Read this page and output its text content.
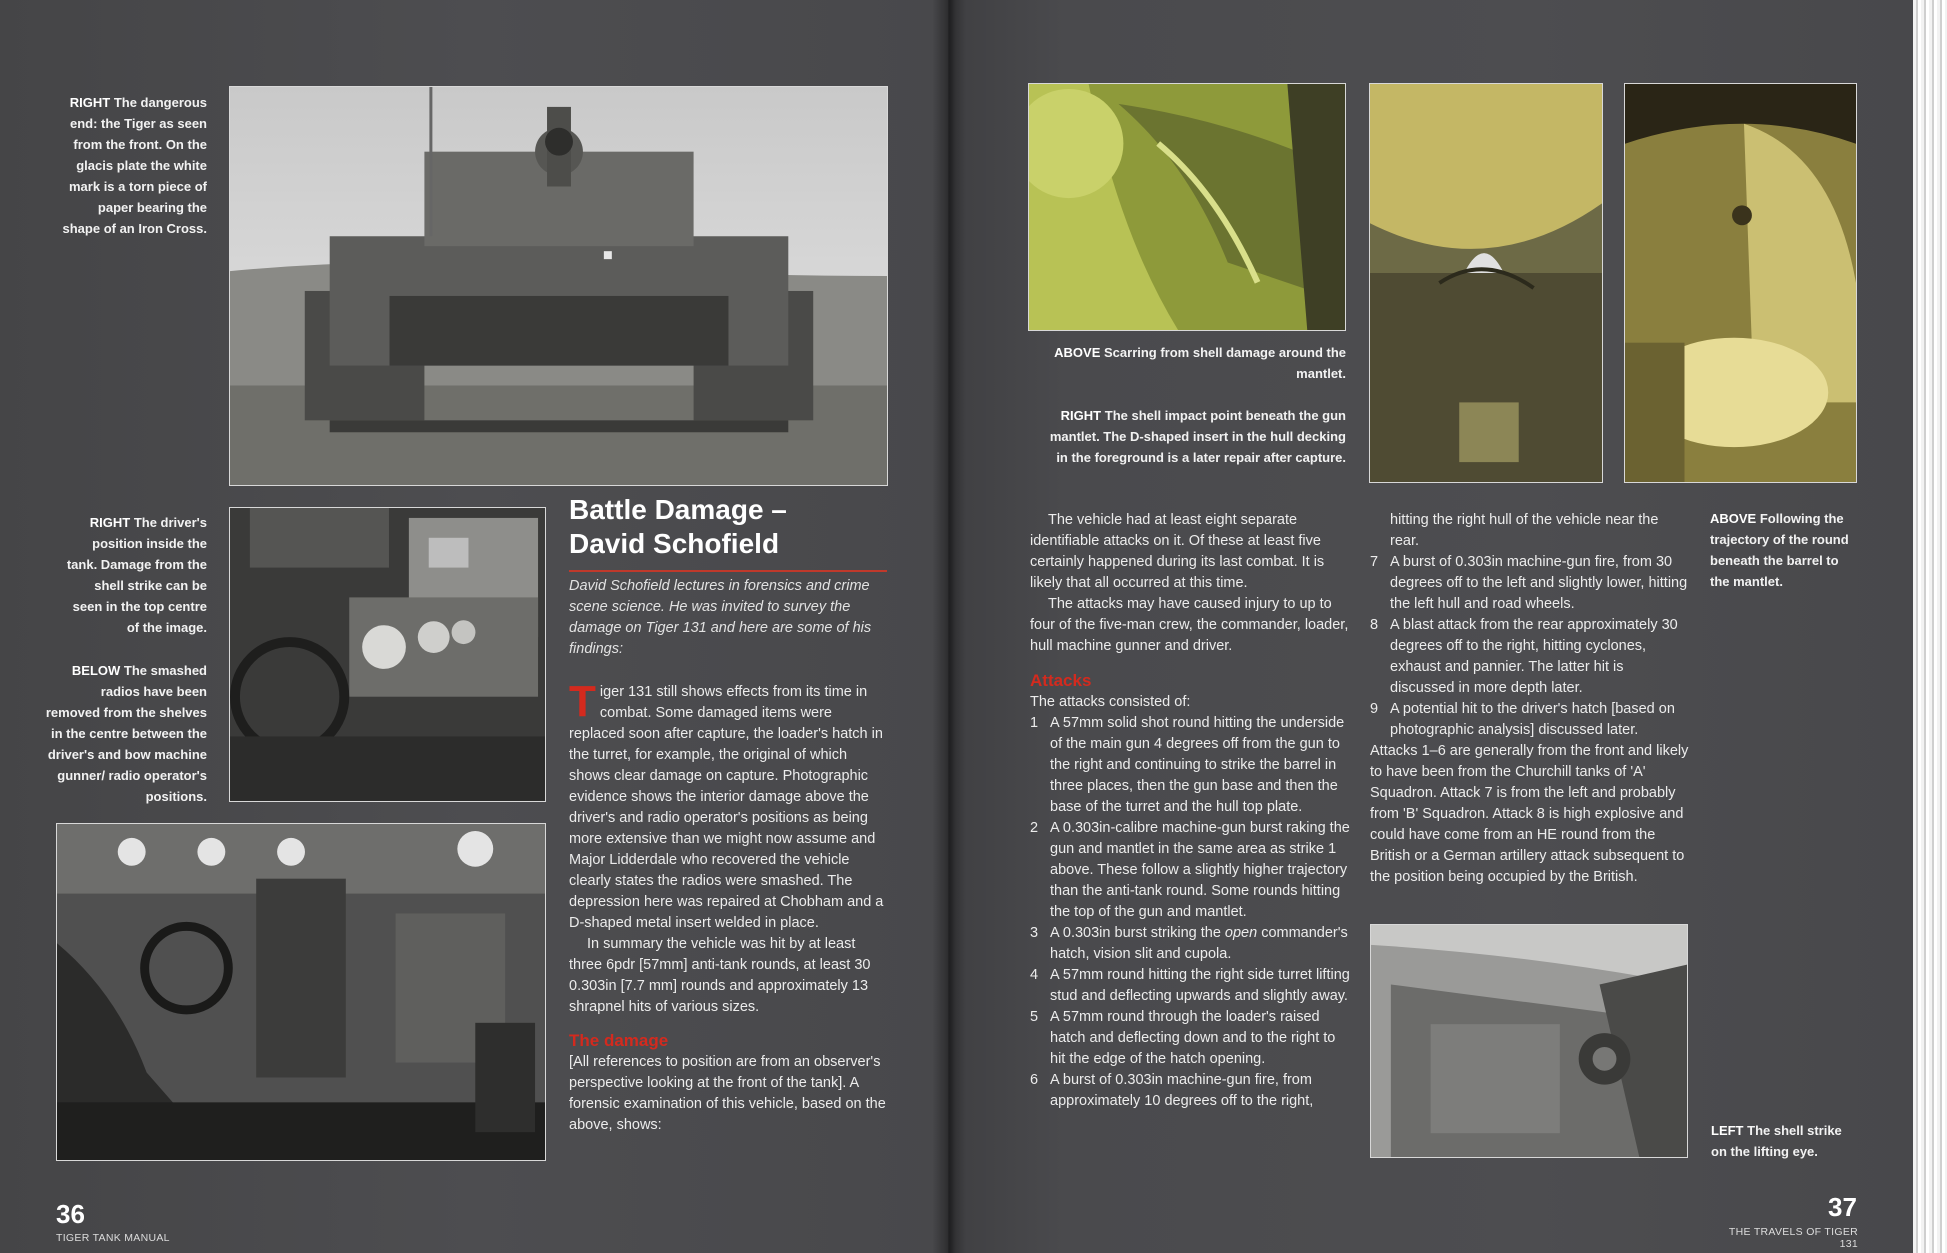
RIGHT The dangerous end: the Tiger as seen from the front. On the glacis plate the white mark is a torn piece of paper bearing the shape of an Iron Cross.
RIGHT The driver's position inside the tank. Damage from the shell strike can be seen in the top centre of the image.
BELOW The smashed radios have been removed from the shelves in the centre between the driver's and bow machine gunner/ radio operator's positions.
Battle Damage –
David Schofield
David Schofield lectures in forensics and crime scene science. He was invited to survey the damage on Tiger 131 and here are some of his findings:

Tiger 131 still shows effects from its time in combat. Some damaged items were replaced soon after capture, the loader's hatch in the turret, for example, the original of which shows clear damage on capture. Photographic evidence shows the interior damage above the driver's and radio operator's positions as being more extensive than we might now assume and Major Lidderdale who recovered the vehicle clearly states the radios were smashed. The depression here was repaired at Chobham and a D-shaped metal insert welded in place.

In summary the vehicle was hit by at least three 6pdr [57mm] anti-tank rounds, at least 30 0.303in [7.7 mm] rounds and approximately 13 shrapnel hits of various sizes.

The damage

[All references to position are from an observer's perspective looking at the front of the tank]. A forensic examination of this vehicle, based on the above, shows:

36
TIGER TANK MANUAL
ABOVE Scarring from shell damage around the mantlet.
RIGHT The shell impact point beneath the gun mantlet. The D-shaped insert in the hull decking in the foreground is a later repair after capture.

The vehicle had at least eight separate identifiable attacks on it. Of these at least five certainly happened during its last combat. It is likely that all occurred at this time.

The attacks may have caused injury to up to four of the five-man crew, the commander, loader, hull machine gunner and driver.

Attacks

The attacks consisted of:

1 A 57mm solid shot round hitting the underside of the main gun 4 degrees off from the gun to the right and continuing to strike the barrel in three places, then the gun base and then the base of the turret and the hull top plate.
2 A 0.303in-calibre machine-gun burst raking the gun and mantlet in the same area as strike 1 above. These follow a slightly higher trajectory than the anti-tank round. Some rounds hitting the top of the gun and mantlet.
3 A 0.303in burst striking the open commander's hatch, vision slit and cupola.
4 A 57mm round hitting the right side turret lifting stud and deflecting upwards and slightly away.
5 A 57mm round through the loader's raised hatch and deflecting down and to the right to hit the edge of the hatch opening.
6 A burst of 0.303in machine-gun fire, from approximately 10 degrees off to the right,

hitting the right hull of the vehicle near the rear.

7 A burst of 0.303in machine-gun fire, from 30 degrees off to the left and slightly lower, hitting the left hull and road wheels.
8 A blast attack from the rear approximately 30 degrees off to the right, hitting cyclones, exhaust and pannier. The latter hit is discussed in more depth later.
9 A potential hit to the driver's hatch [based on photographic analysis] discussed later.

Attacks 1–6 are generally from the front and likely to have been from the Churchill tanks of 'A' Squadron. Attack 7 is from the left and probably from 'B' Squadron. Attack 8 is high explosive and could have come from an HE round from the British or a German artillery attack subsequent to the position being occupied by the British.

ABOVE Following the trajectory of the round beneath the barrel to the mantlet.
LEFT The shell strike on the lifting eye.
37
THE TRAVELS OF TIGER 131
